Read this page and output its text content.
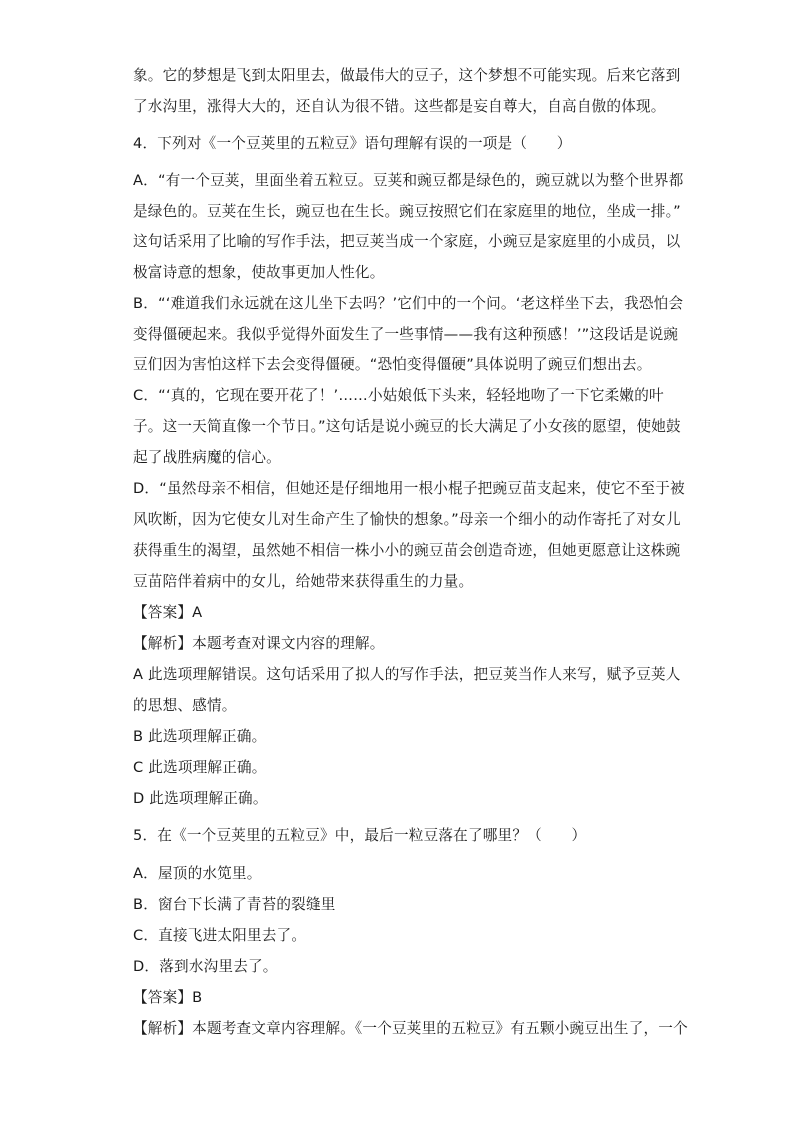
象。它的梦想是飞到太阳里去，做最伟大的豆子，这个梦想不可能实现。后来它落到
了水沟里，涨得大大的，还自认为很不错。这些都是妄自尊大，自高自傲的体现。
4．下列对《一个豆荚里的五粒豆》语句理解有误的一项是（　　）
A．“有一个豆荚，里面坐着五粒豆。豆荚和豌豆都是绿色的，豌豆就以为整个世界都
是绿色的。豆荚在生长，豌豆也在生长。豌豆按照它们在家庭里的地位，坐成一排。”
这句话采用了比喻的写作手法，把豆荚当成一个家庭，小豌豆是家庭里的小成员，以
极富诗意的想象，使故事更加人性化。
B．“‘难道我们永远就在这儿坐下去吗？’它们中的一个问。‘老这样坐下去，我恐怕会
变得僵硬起来。我似乎觉得外面发生了一些事情——我有这种预感！’”这段话是说豌
豆们因为害怕这样下去会变得僵硬。“恐怕变得僵硬”具体说明了豌豆们想出去。
C．“‘真的，它现在要开花了！’……小姑娘低下头来，轻轻地吻了一下它柔嫩的叶
子。这一天简直像一个节日。”这句话是说小豌豆的长大满足了小女孩的愿望，使她鼓
起了战胜病魔的信心。
D．“虽然母亲不相信，但她还是仔细地用一根小棍子把豌豆苗支起来，使它不至于被
风吹断，因为它使女儿对生命产生了愉快的想象。”母亲一个细小的动作寄托了对女儿
获得重生的渴望，虽然她不相信一株小小的豌豆苗会创造奇迹，但她更愿意让这株豌
豆苗陪伴着病中的女儿，给她带来获得重生的力量。
【答案】A
【解析】本题考查对课文内容的理解。
A 此选项理解错误。这句话采用了拟人的写作手法，把豆荚当作人来写，赋予豆荚人
的思想、感情。
B 此选项理解正确。
C 此选项理解正确。
D 此选项理解正确。
5．在《一个豆荚里的五粒豆》中，最后一粒豆落在了哪里？（　　）
A．屋顶的水笕里。
B．窗台下长满了青苔的裂缝里
C．直接飞进太阳里去了。
D．落到水沟里去了。
【答案】B
【解析】本题考查文章内容理解。《一个豆荚里的五粒豆》有五颗小豌豆出生了，一个
